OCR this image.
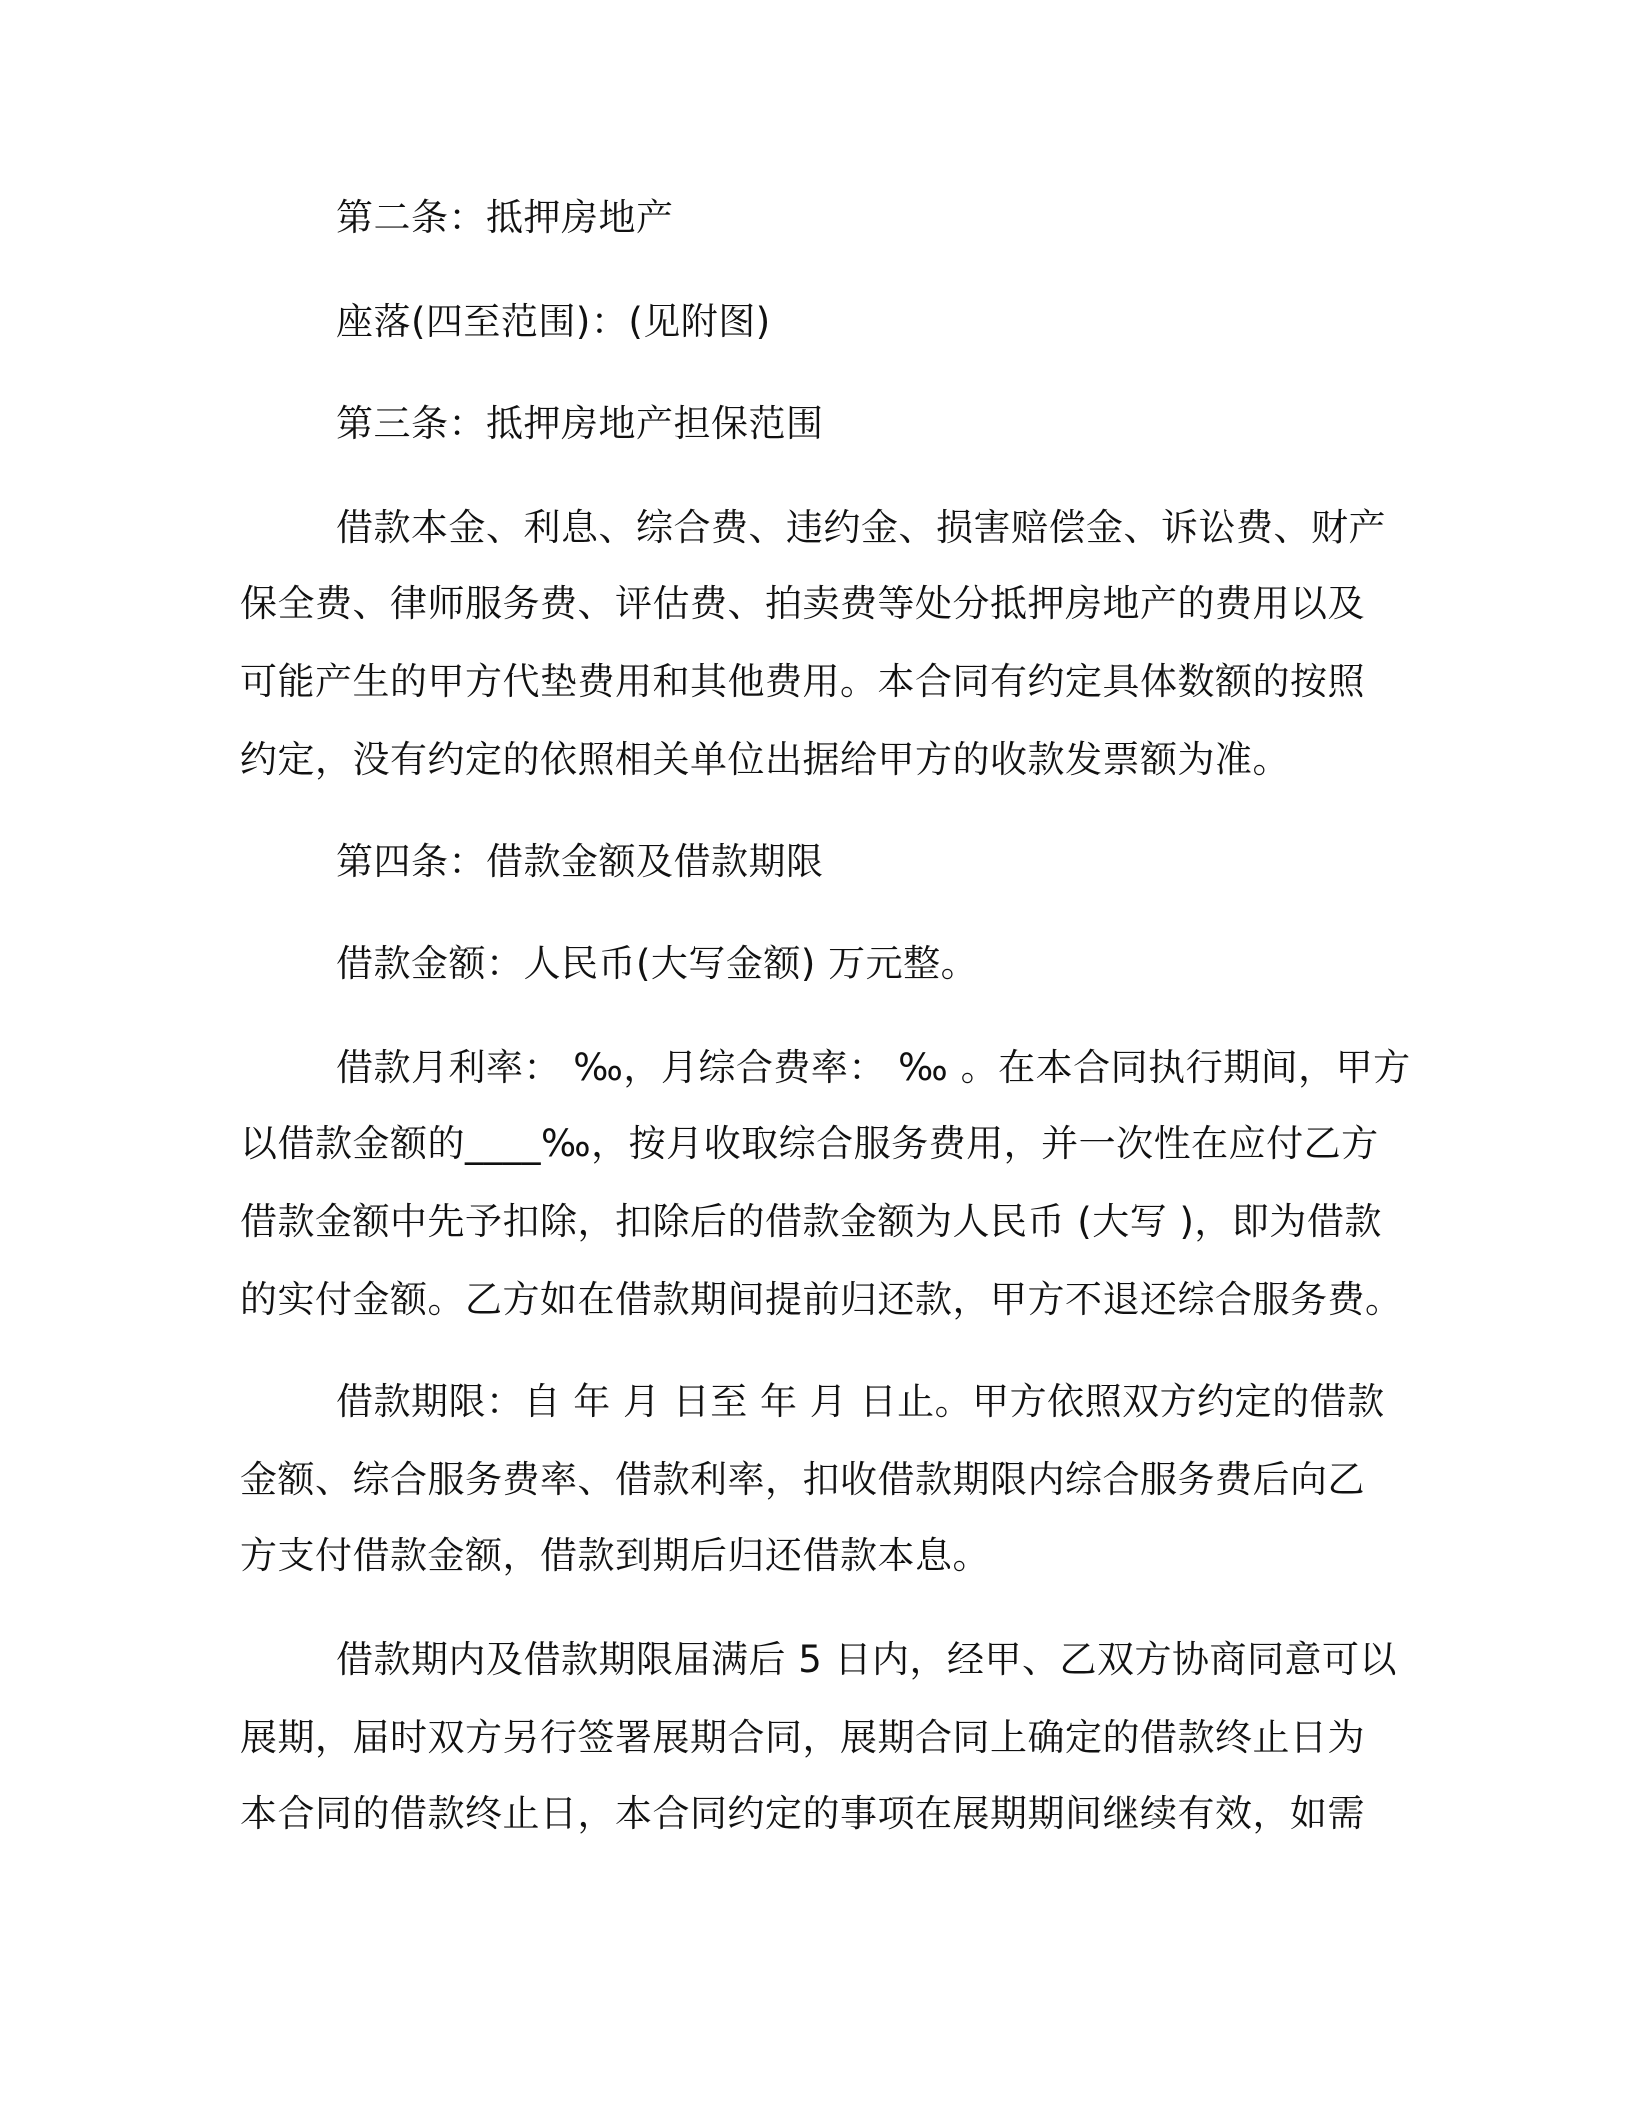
第二条：抵押房地产
座落(四至范围)：(见附图)
第三条：抵押房地产担保范围
借款本金、利息、综合费、违约金、损害赔偿金、诉讼费、财产
保全费、律师服务费、评估费、拍卖费等处分抵押房地产的费用以及
可能产生的甲方代垫费用和其他费用。本合同有约定具体数额的按照
约定，没有约定的依照相关单位出据给甲方的收款发票额为准。
第四条：借款金额及借款期限
借款金额：人民币(大写金额) 万元整。
借款月利率： ‰，月综合费率： ‰ 。在本合同执行期间，甲方
以借款金额的____‰，按月收取综合服务费用，并一次性在应付乙方
借款金额中先予扣除，扣除后的借款金额为人民币 (大写 )，即为借款
的实付金额。乙方如在借款期间提前归还款，甲方不退还综合服务费。
借款期限：自 年 月 日至 年 月 日止。甲方依照双方约定的借款
金额、综合服务费率、借款利率，扣收借款期限内综合服务费后向乙
方支付借款金额，借款到期后归还借款本息。
借款期内及借款期限届满后 5 日内，经甲、乙双方协商同意可以
展期，届时双方另行签署展期合同，展期合同上确定的借款终止日为
本合同的借款终止日，本合同约定的事项在展期期间继续有效，如需
